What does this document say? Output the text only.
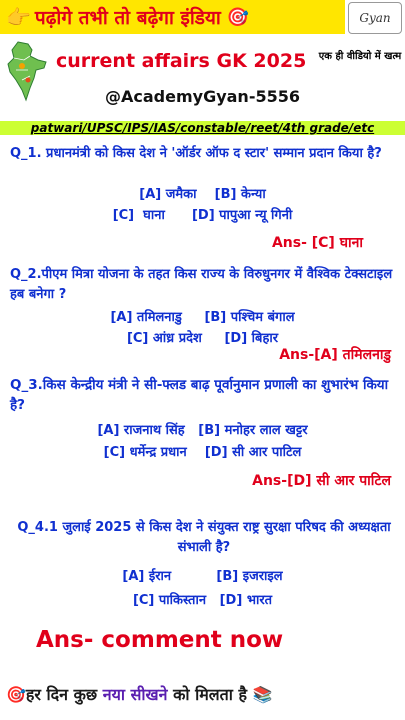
👉 पढ़ोगे तभी तो बढ़ेगा इंडिया 🎯	Gyan
current affairs GK 2025 एक ही वीडियो में खत्म
@AcademyGyan-5556
patwari/UPSC/IPS/IAS/constable/reet/4th grade/etc
Q_1. प्रधानमंत्री को किस देश ने 'ऑर्डर ऑफ द स्टार' सम्मान प्रदान किया है?
[A] जमैका    [B] केन्या
[C]  घाना      [D] पापुआ न्यू गिनी
Ans- [C] घाना
Q_2.पीएम मित्रा योजना के तहत किस राज्य के विरुधुनगर में वैश्विक टेक्सटाइल हब बनेगा ?
[A] तमिलनाडु     [B] पश्चिम बंगाल
[C] आंध्र प्रदेश     [D] बिहार
Ans-[A] तमिलनाडु
Q_3.किस केन्द्रीय मंत्री ने सी-फ्लड बाढ़ पूर्वानुमान प्रणाली का शुभारंभ किया है?
[A] राजनाथ सिंह   [B] मनोहर लाल खट्टर
[C] धर्मेन्द्र प्रधान    [D] सी आर पाटिल
Ans-[D] सी आर पाटिल
Q_4.1 जुलाई 2025 से किस देश ने संयुक्त राष्ट्र सुरक्षा परिषद की अध्यक्षता संभाली है?
[A] ईरान          [B] इजराइल
[C] पाकिस्तान   [D] भारत
Ans- comment now
🎯हर दिन कुछ नया सीखने को मिलता है 📚
